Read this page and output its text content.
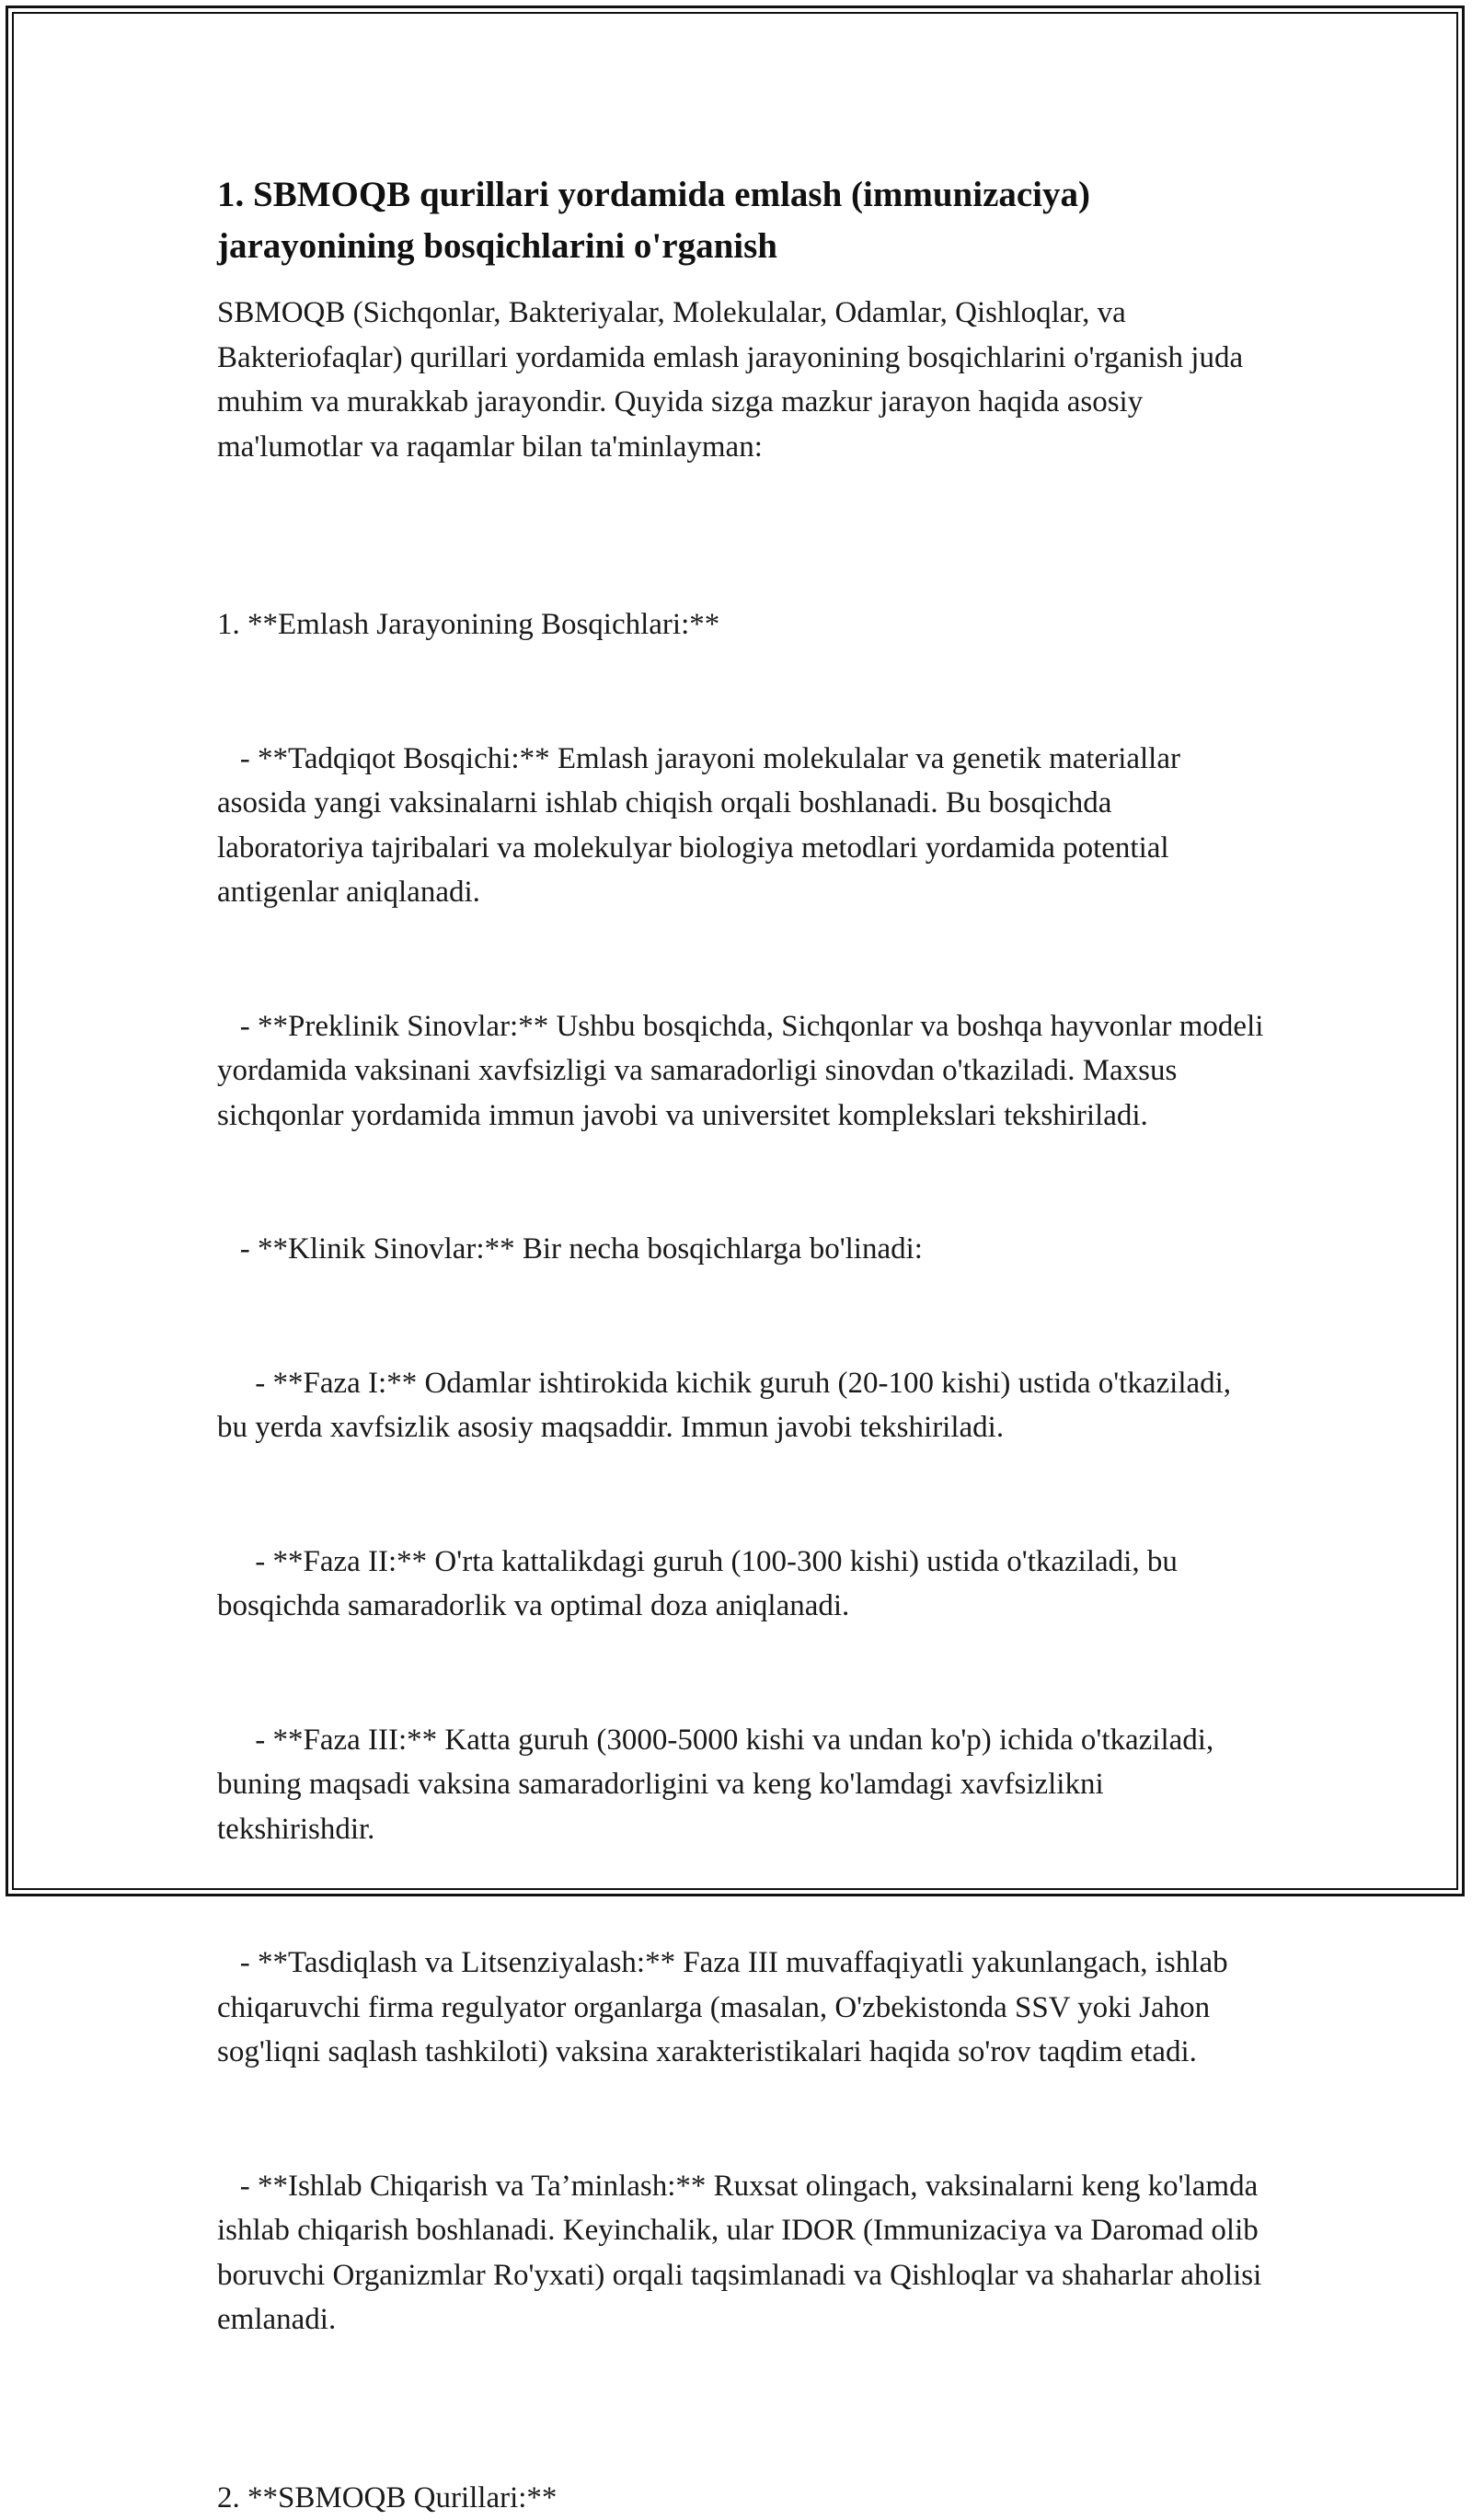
1. SBMOQB qurillari yordamida emlash (immunizaciya) jarayonining bosqichlarini o'rganish

SBMOQB (Sichqonlar, Bakteriyalar, Molekulalar, Odamlar, Qishloqlar, va Bakteriofaqlar) qurillari yordamida emlash jarayonining bosqichlarini o'rganish juda muhim va murakkab jarayondir. Quyida sizga mazkur jarayon haqida asosiy ma'lumotlar va raqamlar bilan ta'minlayman:

1. **Emlash Jarayonining Bosqichlari:**

- **Tadqiqot Bosqichi:** Emlash jarayoni molekulalar va genetik materiallar asosida yangi vaksinalarni ishlab chiqish orqali boshlanadi. Bu bosqichda laboratoriya tajribalari va molekulyar biologiya metodlari yordamida potential antigenlar aniqlanadi.

- **Preklinik Sinovlar:** Ushbu bosqichda, Sichqonlar va boshqa hayvonlar modeli yordamida vaksinani xavfsizligi va samaradorligi sinovdan o'tkaziladi. Maxsus sichqonlar yordamida immun javobi va universitet komplekslari tekshiriladi.

- **Klinik Sinovlar:** Bir necha bosqichlarga bo'linadi:

- **Faza I:** Odamlar ishtirokida kichik guruh (20-100 kishi) ustida o'tkaziladi, bu yerda xavfsizlik asosiy maqsaddir. Immun javobi tekshiriladi.

- **Faza II:** O'rta kattalikdagi guruh (100-300 kishi) ustida o'tkaziladi, bu bosqichda samaradorlik va optimal doza aniqlanadi.

- **Faza III:** Katta guruh (3000-5000 kishi va undan ko'p) ichida o'tkaziladi, buning maqsadi vaksina samaradorligini va keng ko'lamdagi xavfsizlikni tekshirishdir.

- **Tasdiqlash va Litsenziyalash:** Faza III muvaffaqiyatli yakunlangach, ishlab chiqaruvchi firma regulyator organlarga (masalan, O'zbekistonda SSV yoki Jahon sog'liqni saqlash tashkiloti) vaksina xarakteristikalari haqida so'rov taqdim etadi.

- **Ishlab Chiqarish va Ta’minlash:** Ruxsat olingach, vaksinalarni keng ko'lamda ishlab chiqarish boshlanadi. Keyinchalik, ular IDOR (Immunizaciya va Daromad olib boruvchi Organizmlar Ro'yxati) orqali taqsimlanadi va Qishloqlar va shaharlar aholisi emlanadi.

2. **SBMOQB Qurillari:**
